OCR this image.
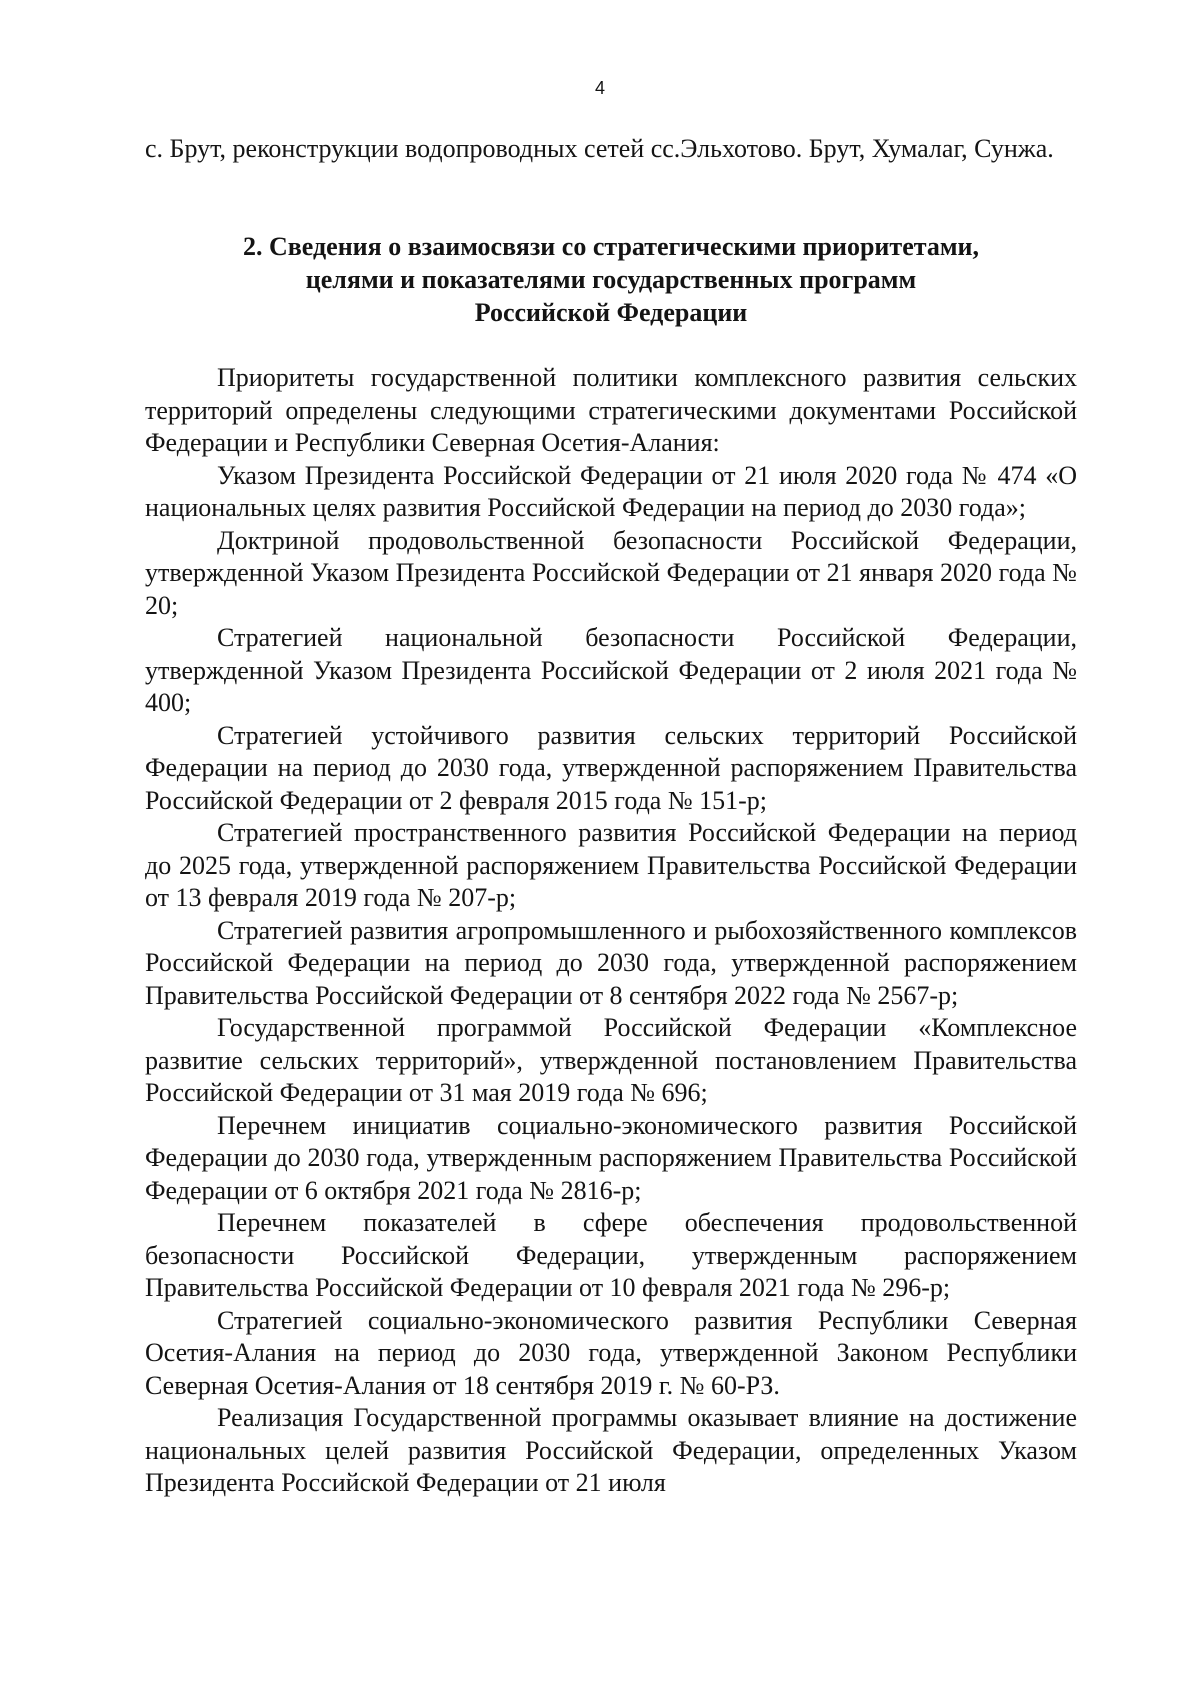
4

с. Брут, реконструкции водопроводных сетей сс.Эльхотово. Брут, Хумалаг, Сунжа.

2. Сведения о взаимосвязи со стратегическими приоритетами,
целями и показателями государственных программ
Российской Федерации

Приоритеты государственной политики комплексного развития сельских территорий определены следующими стратегическими документами Российской Федерации и Республики Северная Осетия-Алания:

Указом Президента Российской Федерации от 21 июля 2020 года № 474 «О национальных целях развития Российской Федерации на период до 2030 года»;

Доктриной продовольственной безопасности Российской Федерации, утвержденной Указом Президента Российской Федерации от 21 января 2020 года № 20;

Стратегией национальной безопасности Российской Федерации, утвержденной Указом Президента Российской Федерации от 2 июля 2021 года № 400;

Стратегией устойчивого развития сельских территорий Российской Федерации на период до 2030 года, утвержденной распоряжением Правительства Российской Федерации от 2 февраля 2015 года № 151-р;

Стратегией пространственного развития Российской Федерации на период до 2025 года, утвержденной распоряжением Правительства Российской Федерации от 13 февраля 2019 года № 207-р;

Стратегией развития агропромышленного и рыбохозяйственного комплексов Российской Федерации на период до 2030 года, утвержденной распоряжением Правительства Российской Федерации от 8 сентября 2022 года № 2567-р;

Государственной программой Российской Федерации «Комплексное развитие сельских территорий», утвержденной постановлением Правительства Российской Федерации от 31 мая 2019 года № 696;

Перечнем инициатив социально-экономического развития Российской Федерации до 2030 года, утвержденным распоряжением Правительства Российской Федерации от 6 октября 2021 года № 2816-р;

Перечнем показателей в сфере обеспечения продовольственной безопасности Российской Федерации, утвержденным распоряжением Правительства Российской Федерации от 10 февраля 2021 года № 296-р;

Стратегией социально-экономического развития Республики Северная Осетия-Алания на период до 2030 года, утвержденной Законом Республики Северная Осетия-Алания от 18 сентября 2019 г. № 60-РЗ.

Реализация Государственной программы оказывает влияние на достижение национальных целей развития Российской Федерации, определенных Указом Президента Российской Федерации от 21 июля
